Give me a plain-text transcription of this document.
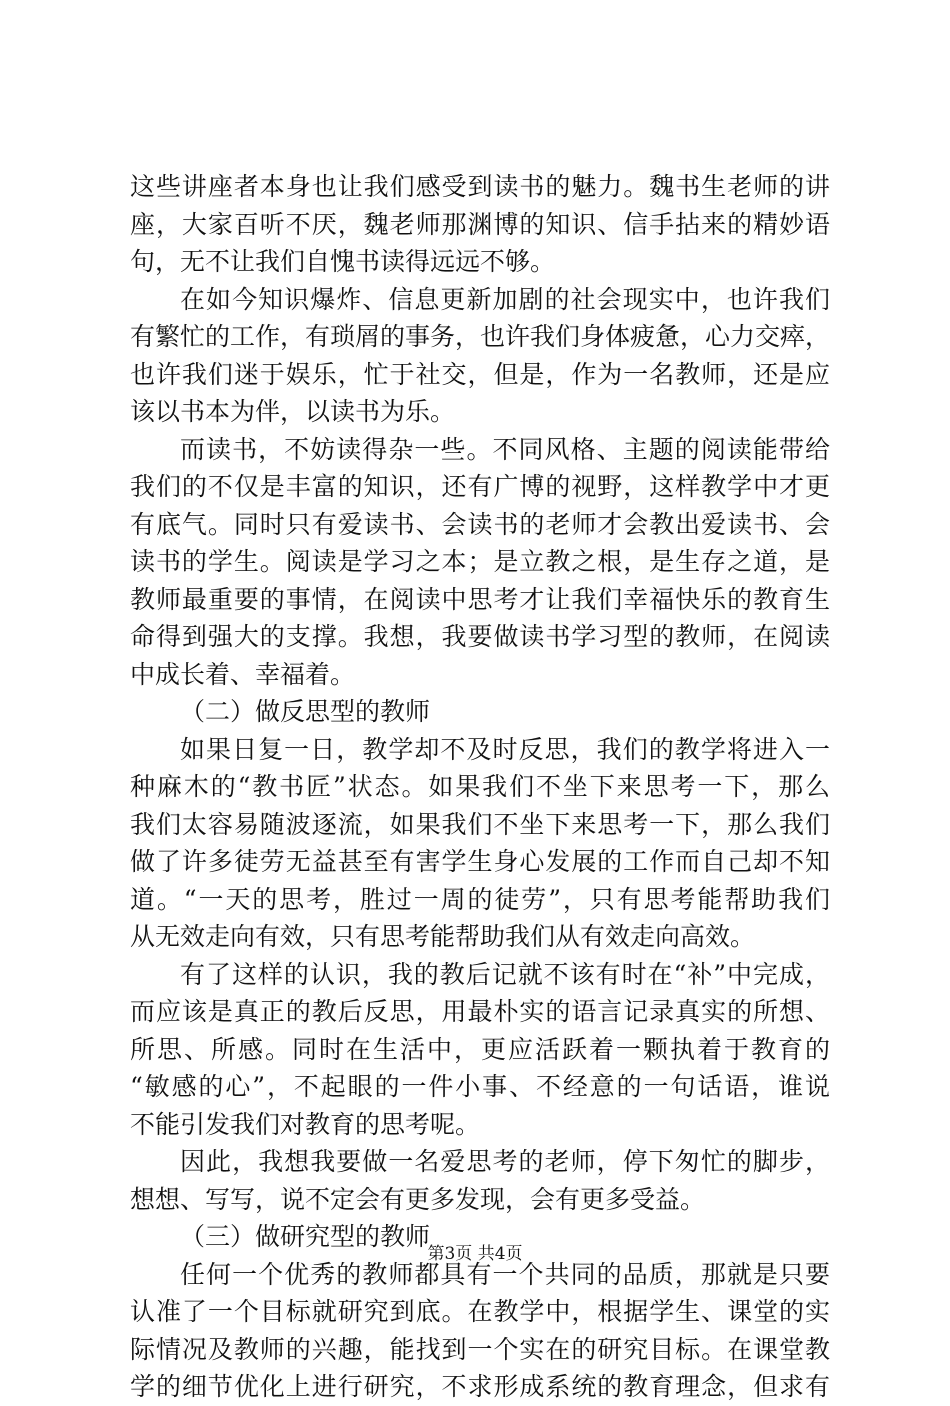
这些讲座者本身也让我们感受到读书的魅力。魏书生老师的讲
座，大家百听不厌，魏老师那渊博的知识、信手拈来的精妙语
句，无不让我们自愧书读得远远不够。
在如今知识爆炸、信息更新加剧的社会现实中，也许我们
有繁忙的工作，有琐屑的事务，也许我们身体疲惫，心力交瘁，
也许我们迷于娱乐，忙于社交，但是，作为一名教师，还是应
该以书本为伴，以读书为乐。
而读书，不妨读得杂一些。不同风格、主题的阅读能带给
我们的不仅是丰富的知识，还有广博的视野，这样教学中才更
有底气。同时只有爱读书、会读书的老师才会教出爱读书、会
读书的学生。阅读是学习之本；是立教之根，是生存之道，是
教师最重要的事情，在阅读中思考才让我们幸福快乐的教育生
命得到强大的支撑。我想，我要做读书学习型的教师，在阅读
中成长着、幸福着。
（二）做反思型的教师
如果日复一日，教学却不及时反思，我们的教学将进入一
种麻木的“教书匠”状态。如果我们不坐下来思考一下，那么
我们太容易随波逐流，如果我们不坐下来思考一下，那么我们
做了许多徒劳无益甚至有害学生身心发展的工作而自己却不知
道。“一天的思考，胜过一周的徒劳”，只有思考能帮助我们
从无效走向有效，只有思考能帮助我们从有效走向高效。
有了这样的认识，我的教后记就不该有时在“补”中完成，
而应该是真正的教后反思，用最朴实的语言记录真实的所想、
所思、所感。同时在生活中，更应活跃着一颗执着于教育的
“敏感的心”，不起眼的一件小事、不经意的一句话语，谁说
不能引发我们对教育的思考呢。
因此，我想我要做一名爱思考的老师，停下匆忙的脚步，
想想、写写，说不定会有更多发现，会有更多受益。
（三）做研究型的教师
任何一个优秀的教师都具有一个共同的品质，那就是只要
认准了一个目标就研究到底。在教学中，根据学生、课堂的实
际情况及教师的兴趣，能找到一个实在的研究目标。在课堂教
学的细节优化上进行研究，不求形成系统的教育理念，但求有
第3页 共4页
